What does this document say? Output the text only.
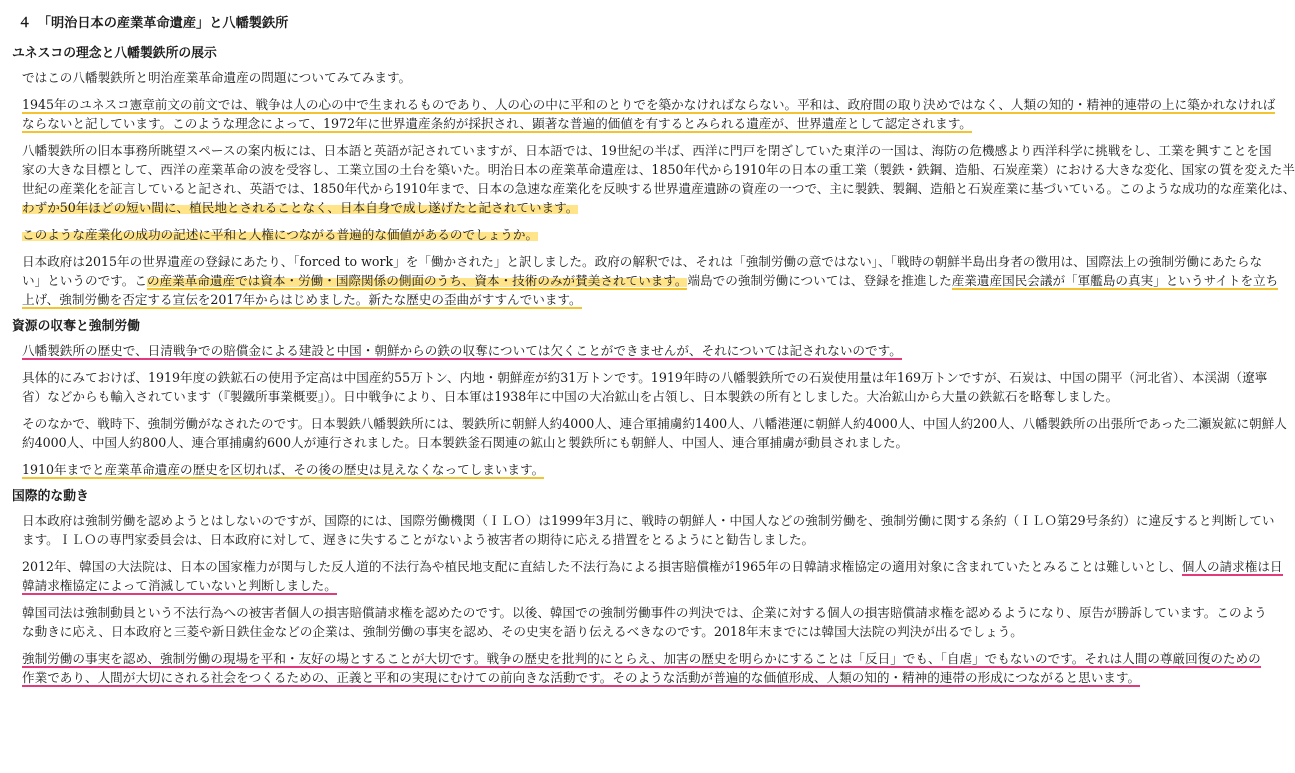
４　「明治日本の産業革命遺産」と八幡製鉄所
ユネスコの理念と八幡製鉄所の展示
ではこの八幡製鉄所と明治産業革命遺産の問題についてみてみます。
1945年のユネスコ憲章前文の前文では、戦争は人の心の中で生まれるものであり、人の心の中に平和のとりでを築かなければならない。平和は、政府間の取り決めではなく、人類の知的・精神的連帯の上に築かれなければ
ならないと記しています。このような理念によって、1972年に世界遺産条約が採択され、顕著な普遍的価値を有するとみられる遺産が、世界遺産として認定されます。
八幡製鉄所の旧本事務所眺望スペースの案内板には、日本語と英語が記されていますが、日本語では、19世紀の半ば、西洋に門戸を閉ざしていた東洋の一国は、海防の危機感より西洋科学に挑戦をし、工業を興すことを国
家の大きな目標として、西洋の産業革命の波を受容し、工業立国の土台を築いた。明治日本の産業革命遺産は、1850年代から1910年の日本の重工業（製鉄・鉄鋼、造船、石炭産業）における大きな変化、国家の質を変えた半
世紀の産業化を証言していると記され、英語では、1850年代から1910年まで、日本の急速な産業化を反映する世界遺産遺跡の資産の一つで、主に製鉄、製鋼、造船と石炭産業に基づいている。このような成功的な産業化は、
わずか50年ほどの短い間に、植民地とされることなく、日本自身で成し遂げたと記されています。
このような産業化の成功の記述に平和と人権につながる普遍的な価値があるのでしょうか。
日本政府は2015年の世界遺産の登録にあたり、「forced to work」を「働かされた」と訳しました。政府の解釈では、それは「強制労働の意ではない」、「戦時の朝鮮半島出身者の徴用は、国際法上の強制労働にあたらな
い」というのです。この産業革命遺産では資本・労働・国際関係の側面のうち、資本・技術のみが賛美されています。端島での強制労働については、登録を推進した産業遺産国民会議が「軍艦島の真実」というサイトを立ち
上げ、強制労働を否定する宣伝を2017年からはじめました。新たな歴史の歪曲がすすんでいます。
資源の収奪と強制労働
八幡製鉄所の歴史で、日清戦争での賠償金による建設と中国・朝鮮からの鉄の収奪については欠くことができませんが、それについては記されないのです。
具体的にみておけば、1919年度の鉄鉱石の使用予定高は中国産約55万トン、内地・朝鮮産が約31万トンです。1919年時の八幡製鉄所での石炭使用量は年169万トンですが、石炭は、中国の開平（河北省）、本渓湖（遼寧
省）などからも輸入されています（『製鐵所事業概要』）。日中戦争により、日本軍は1938年に中国の大冶鉱山を占領し、日本製鉄の所有としました。大冶鉱山から大量の鉄鉱石を略奪しました。
そのなかで、戦時下、強制労働がなされたのです。日本製鉄八幡製鉄所には、製鉄所に朝鮮人約4000人、連合軍捕虜約1400人、八幡港運に朝鮮人約4000人、中国人約200人、八幡製鉄所の出張所であった二瀬炭鉱に朝鮮人
約4000人、中国人約800人、連合軍捕虜約600人が連行されました。日本製鉄釜石関連の鉱山と製鉄所にも朝鮮人、中国人、連合軍捕虜が動員されました。
1910年までと産業革命遺産の歴史を区切れば、その後の歴史は見えなくなってしまいます。
国際的な動き
日本政府は強制労働を認めようとはしないのですが、国際的には、国際労働機関（ＩＬＯ）は1999年3月に、戦時の朝鮮人・中国人などの強制労働を、強制労働に関する条約（ＩＬＯ第29号条約）に違反すると判断してい
ます。ＩＬＯの専門家委員会は、日本政府に対して、遅きに失することがないよう被害者の期待に応える措置をとるようにと勧告しました。
2012年、韓国の大法院は、日本の国家権力が関与した反人道的不法行為や植民地支配に直結した不法行為による損害賠償権が1965年の日韓請求権協定の適用対象に含まれていたとみることは難しいとし、個人の請求権は日
韓請求権協定によって消滅していないと判断しました。
韓国司法は強制動員という不法行為への被害者個人の損害賠償請求権を認めたのです。以後、韓国での強制労働事件の判決では、企業に対する個人の損害賠償請求権を認めるようになり、原告が勝訴しています。このよう
な動きに応え、日本政府と三菱や新日鉄住金などの企業は、強制労働の事実を認め、その史実を語り伝えるべきなのです。2018年末までには韓国大法院の判決が出るでしょう。
強制労働の事実を認め、強制労働の現場を平和・友好の場とすることが大切です。戦争の歴史を批判的にとらえ、加害の歴史を明らかにすることは「反日」でも、「自虐」でもないのです。それは人間の尊厳回復のための
作業であり、人間が大切にされる社会をつくるための、正義と平和の実現にむけての前向きな活動です。そのような活動が普遍的な価値形成、人類の知的・精神的連帯の形成につながると思います。
